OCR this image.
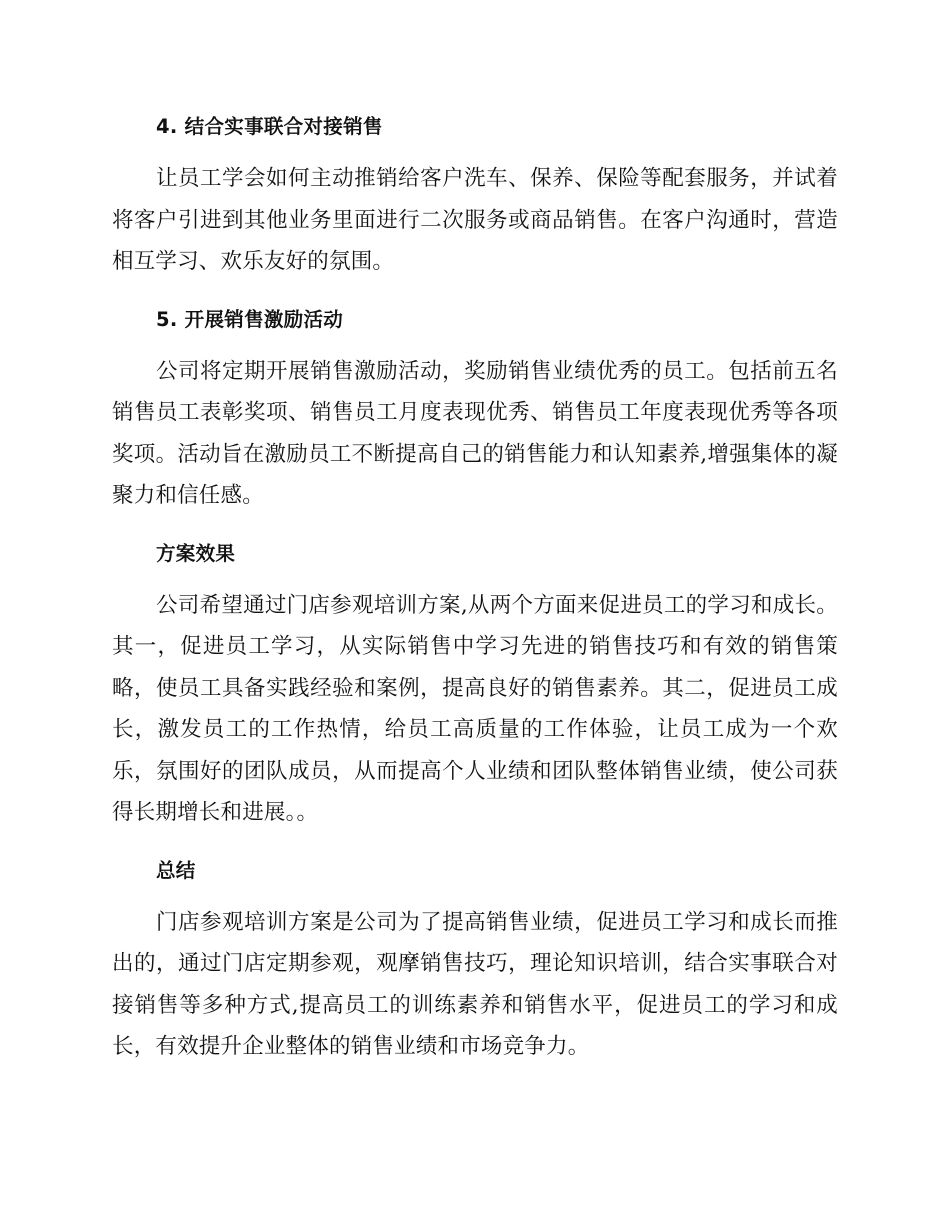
4. 结合实事联合对接销售

让员工学会如何主动推销给客户洗车、保养、保险等配套服务，并试着将客户引进到其他业务里面进行二次服务或商品销售。在客户沟通时，营造相互学习、欢乐友好的氛围。

5. 开展销售激励活动

公司将定期开展销售激励活动，奖励销售业绩优秀的员工。包括前五名销售员工表彰奖项、销售员工月度表现优秀、销售员工年度表现优秀等各项奖项。活动旨在激励员工不断提高自己的销售能力和认知素养,增强集体的凝聚力和信任感。

方案效果

公司希望通过门店参观培训方案,从两个方面来促进员工的学习和成长。其一，促进员工学习，从实际销售中学习先进的销售技巧和有效的销售策略，使员工具备实践经验和案例，提高良好的销售素养。其二，促进员工成长，激发员工的工作热情，给员工高质量的工作体验，让员工成为一个欢乐，氛围好的团队成员，从而提高个人业绩和团队整体销售业绩，使公司获得长期增长和进展。。

总结

门店参观培训方案是公司为了提高销售业绩，促进员工学习和成长而推出的，通过门店定期参观，观摩销售技巧，理论知识培训，结合实事联合对接销售等多种方式,提高员工的训练素养和销售水平，促进员工的学习和成长，有效提升企业整体的销售业绩和市场竞争力。
